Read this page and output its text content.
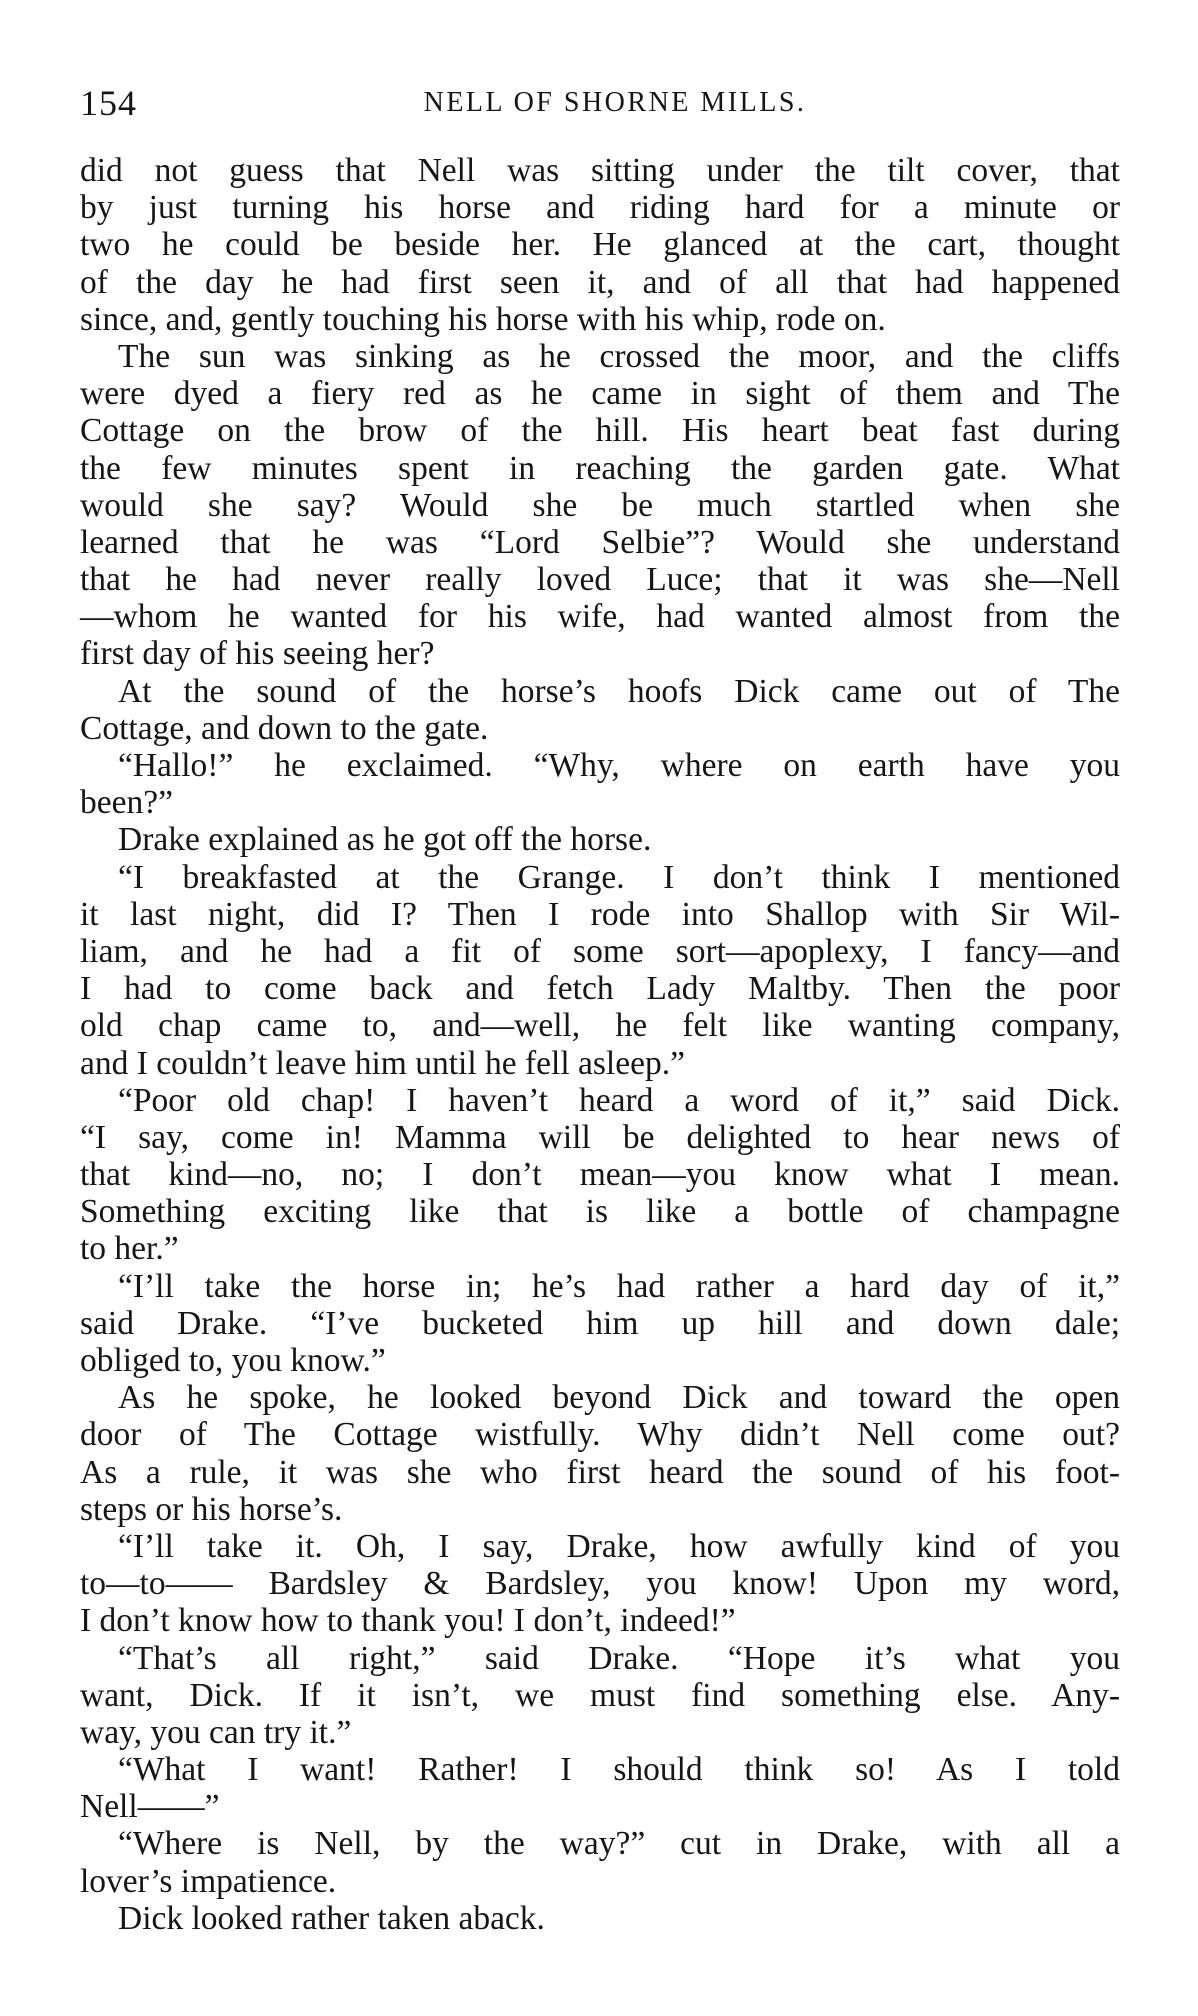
154	NELL OF SHORNE MILLS.
did not guess that Nell was sitting under the tilt cover, that
by just turning his horse and riding hard for a minute or
two he could be beside her. He glanced at the cart, thought
of the day he had first seen it, and of all that had happened
since, and, gently touching his horse with his whip, rode on.
The sun was sinking as he crossed the moor, and the cliffs
were dyed a fiery red as he came in sight of them and The
Cottage on the brow of the hill. His heart beat fast during
the few minutes spent in reaching the garden gate. What
would she say? Would she be much startled when she
learned that he was “Lord Selbie”? Would she understand
that he had never really loved Luce; that it was she—Nell
—whom he wanted for his wife, had wanted almost from the
first day of his seeing her?
At the sound of the horse’s hoofs Dick came out of The
Cottage, and down to the gate.
“Hallo!” he exclaimed. “Why, where on earth have you
been?”
Drake explained as he got off the horse.
“I breakfasted at the Grange. I don’t think I mentioned
it last night, did I? Then I rode into Shallop with Sir Wil-
liam, and he had a fit of some sort—apoplexy, I fancy—and
I had to come back and fetch Lady Maltby. Then the poor
old chap came to, and—well, he felt like wanting company,
and I couldn’t leave him until he fell asleep.”
“Poor old chap! I haven’t heard a word of it,” said Dick.
“I say, come in! Mamma will be delighted to hear news of
that kind—no, no; I don’t mean—you know what I mean.
Something exciting like that is like a bottle of champagne
to her.”
“I’ll take the horse in; he’s had rather a hard day of it,”
said Drake. “I’ve bucketed him up hill and down dale;
obliged to, you know.”
As he spoke, he looked beyond Dick and toward the open
door of The Cottage wistfully. Why didn’t Nell come out?
As a rule, it was she who first heard the sound of his foot-
steps or his horse’s.
“I’ll take it. Oh, I say, Drake, how awfully kind of you
to—to—— Bardsley & Bardsley, you know! Upon my word,
I don’t know how to thank you! I don’t, indeed!”
“That’s all right,” said Drake. “Hope it’s what you
want, Dick. If it isn’t, we must find something else. Any-
way, you can try it.”
“What I want! Rather! I should think so! As I told
Nell——”
“Where is Nell, by the way?” cut in Drake, with all a
lover’s impatience.
Dick looked rather taken aback.
